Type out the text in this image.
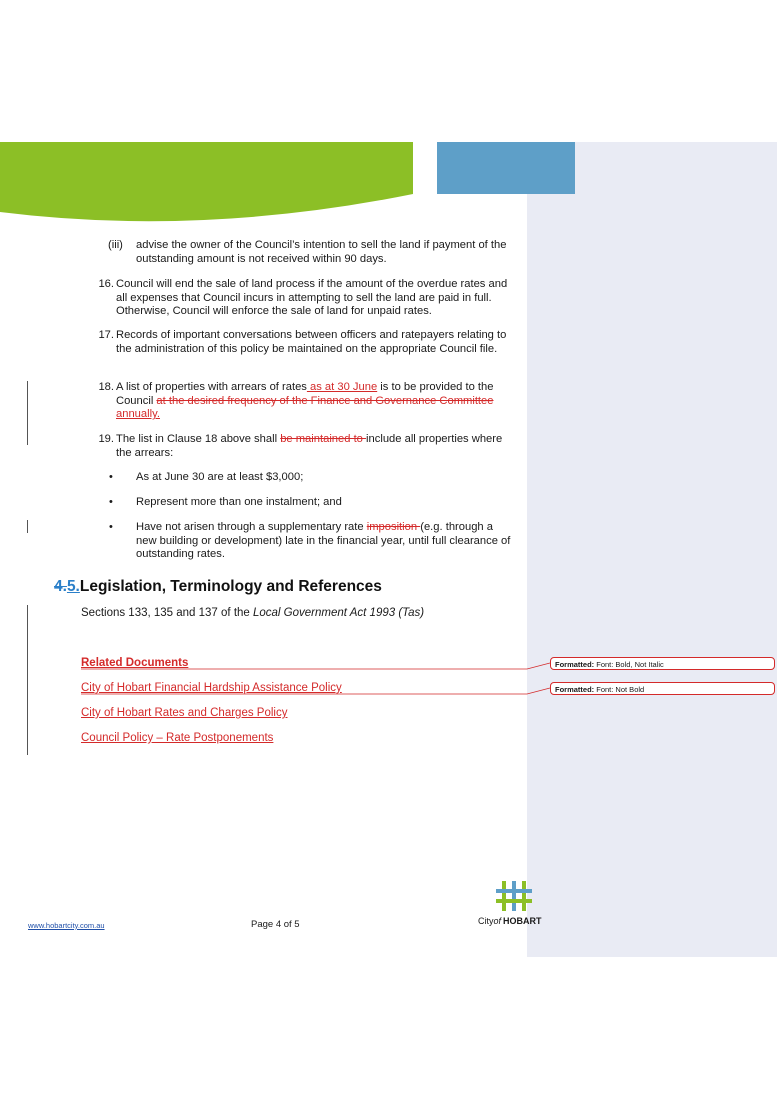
(iii)	advise the owner of the Council’s intention to sell the land if payment of the outstanding amount is not received within 90 days.
16. Council will end the sale of land process if the amount of the overdue rates and all expenses that Council incurs in attempting to sell the land are paid in full. Otherwise, Council will enforce the sale of land for unpaid rates.
17. Records of important conversations between officers and ratepayers relating to the administration of this policy be maintained on the appropriate Council file.
18. A list of properties with arrears of rates as at 30 June is to be provided to the Council at the desired frequency of the Finance and Governance Committee annually.
19. The list in Clause 18 above shall be maintained to include all properties where the arrears:
• As at June 30 are at least $3,000;
• Represent more than one instalment; and
• Have not arisen through a supplementary rate imposition (e.g. through a new building or development) late in the financial year, until full clearance of outstanding rates.
4.5.Legislation, Terminology and References
Sections 133, 135 and 137 of the Local Government Act 1993 (Tas)
Related Documents
City of Hobart Financial Hardship Assistance Policy
City of Hobart Rates and Charges Policy
Council Policy – Rate Postponements
Formatted: Font: Bold, Not Italic
Formatted: Font: Not Bold
www.hobartcity.com.au	Page 4 of 5	Cityof HOBART
